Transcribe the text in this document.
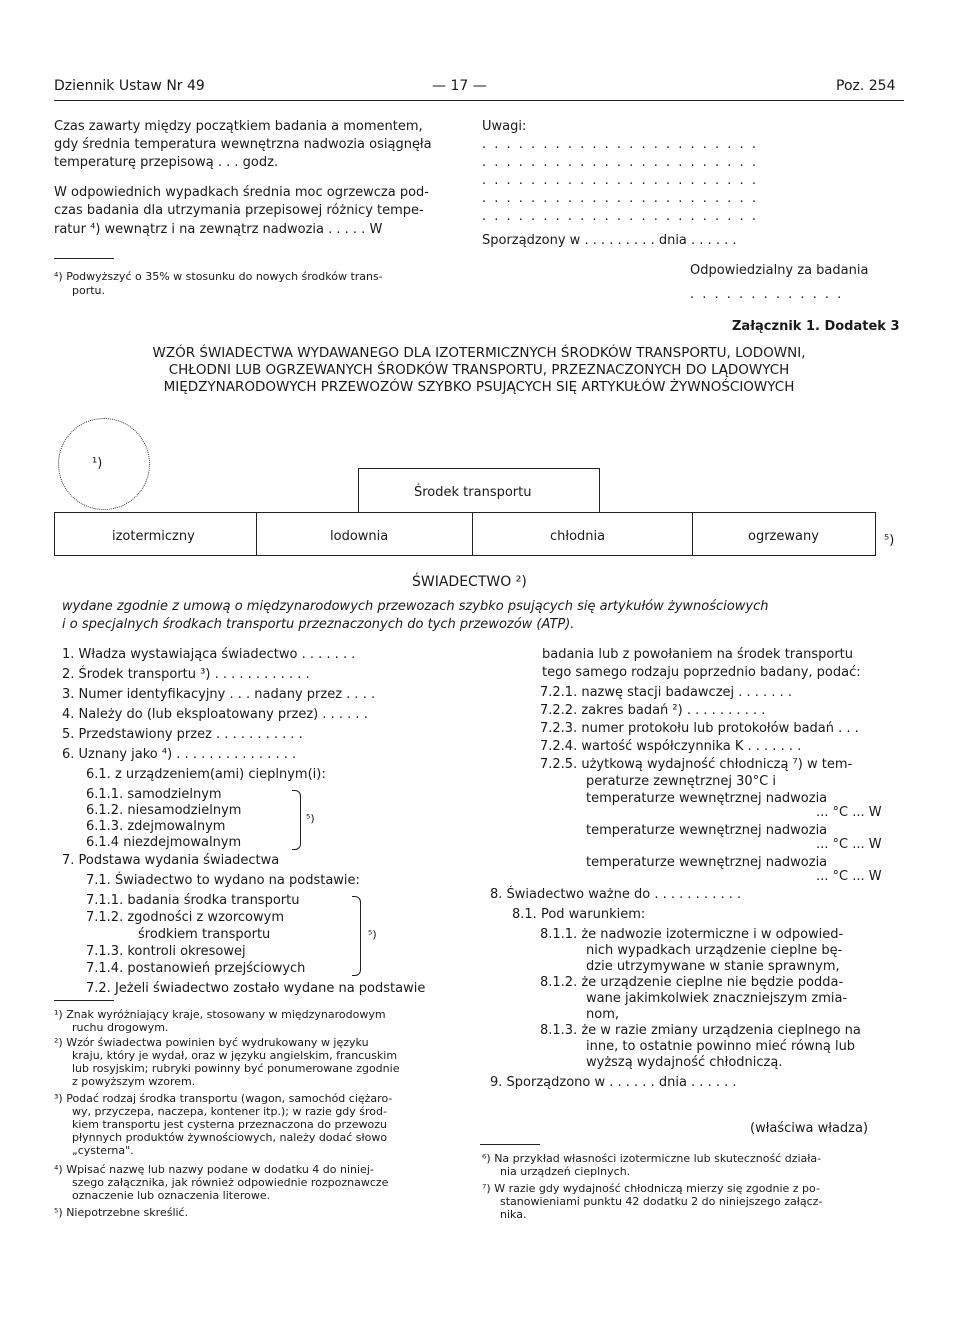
Dziennik Ustaw Nr 49	— 17 —	Poz. 254
Czas zawarty między początkiem badania a momentem,
gdy średnia temperatura wewnętrzna nadwozia osiągnęła
temperaturę przepisową . . . godz.
W odpowiednich wypadkach średnia moc ogrzewcza pod-
czas badania dla utrzymania przepisowej różnicy tempe-
ratur ⁴) wewnątrz i na zewnątrz nadwozia . . . . . W
⁴) Podwyższyć o 35% w stosunku do nowych środków trans-
portu.
Uwagi:
. . . . . . . . . . . . . . . . . . . . . . .
. . . . . . . . . . . . . . . . . . . . . . .
. . . . . . . . . . . . . . . . . . . . . . .
. . . . . . . . . . . . . . . . . . . . . . .
. . . . . . . . . . . . . . . . . . . . . . .
Sporządzony w . . . . . . . . . dnia . . . . . .
Odpowiedzialny za badania
. . . . . . . . . . . . .
Załącznik 1. Dodatek 3
WZÓR ŚWIADECTWA WYDAWANEGO DLA IZOTERMICZNYCH ŚRODKÓW TRANSPORTU, LODOWNI,
CHŁODNI LUB OGRZEWANYCH ŚRODKÓW TRANSPORTU, PRZEZNACZONYCH DO LĄDOWYCH
MIĘDZYNARODOWYCH PRZEWOZÓW SZYBKO PSUJĄCYCH SIĘ ARTYKUŁÓW ŻYWNOŚCIOWYCH
¹)
Środek transportu
izotermiczny	lodownia	chłodnia	ogrzewany	⁵)
ŚWIADECTWO ²)
wydane zgodnie z umową o międzynarodowych przewozach szybko psujących się artykułów żywnościowych
i o specjalnych środkach transportu przeznaczonych do tych przewozów (ATP).
1. Władza wystawiająca świadectwo . . . . . . .
2. Środek transportu ³) . . . . . . . . . . . .
3. Numer identyfikacyjny . . . nadany przez . . . .
4. Należy do (lub eksploatowany przez) . . . . . .
5. Przedstawiony przez . . . . . . . . . . .
6. Uznany jako ⁴) . . . . . . . . . . . . . . .
6.1. z urządzeniem(ami) cieplnym(i):
6.1.1. samodzielnym
6.1.2. niesamodzielnym
6.1.3. zdejmowalnym
6.1.4 niezdejmowalnym
⁵)
7. Podstawa wydania świadectwa
7.1. Świadectwo to wydano na podstawie:
7.1.1. badania środka transportu
7.1.2. zgodności z wzorcowym
środkiem transportu
7.1.3. kontroli okresowej
7.1.4. postanowień przejściowych
⁵)
7.2. Jeżeli świadectwo zostało wydane na podstawie
badania lub z powołaniem na środek transportu
tego samego rodzaju poprzednio badany, podać:
7.2.1. nazwę stacji badawczej . . . . . . .
7.2.2. zakres badań ²) . . . . . . . . . .
7.2.3. numer protokołu lub protokołów badań . . .
7.2.4. wartość współczynnika K . . . . . . .
7.2.5. użytkową wydajność chłodniczą ⁷) w tem-
peraturze zewnętrznej 30°C i
temperaturze wewnętrznej nadwozia
... °C ... W
temperaturze wewnętrznej nadwozia
... °C ... W
temperaturze wewnętrznej nadwozia
... °C ... W
8. Świadectwo ważne do . . . . . . . . . . .
8.1. Pod warunkiem:
8.1.1. że nadwozie izotermiczne i w odpowied-
nich wypadkach urządzenie cieplne bę-
dzie utrzymywane w stanie sprawnym,
8.1.2. że urządzenie cieplne nie będzie podda-
wane jakimkolwiek znaczniejszym zmia-
nom,
8.1.3. że w razie zmiany urządzenia cieplnego na
inne, to ostatnie powinno mieć równą lub
wyższą wydajność chłodniczą.
9. Sporządzono w . . . . . . dnia . . . . . .
(właściwa władza)
¹) Znak wyróżniający kraje, stosowany w międzynarodowym
ruchu drogowym.
²) Wzór świadectwa powinien być wydrukowany w języku
kraju, który je wydał, oraz w języku angielskim, francuskim
lub rosyjskim; rubryki powinny być ponumerowane zgodnie
z powyższym wzorem.
³) Podać rodzaj środka transportu (wagon, samochód ciężaro-
wy, przyczepa, naczepa, kontener itp.); w razie gdy środ-
kiem transportu jest cysterna przeznaczona do przewozu
płynnych produktów żywnościowych, należy dodać słowo
„cysterna".
⁴) Wpisać nazwę lub nazwy podane w dodatku 4 do niniej-
szego załącznika, jak również odpowiednie rozpoznawcze
oznaczenie lub oznaczenia literowe.
⁵) Niepotrzebne skreślić.
⁶) Na przykład własności izotermiczne lub skuteczność działa-
nia urządzeń cieplnych.
⁷) W razie gdy wydajność chłodniczą mierzy się zgodnie z po-
stanowieniami punktu 42 dodatku 2 do niniejszego załącz-
nika.
